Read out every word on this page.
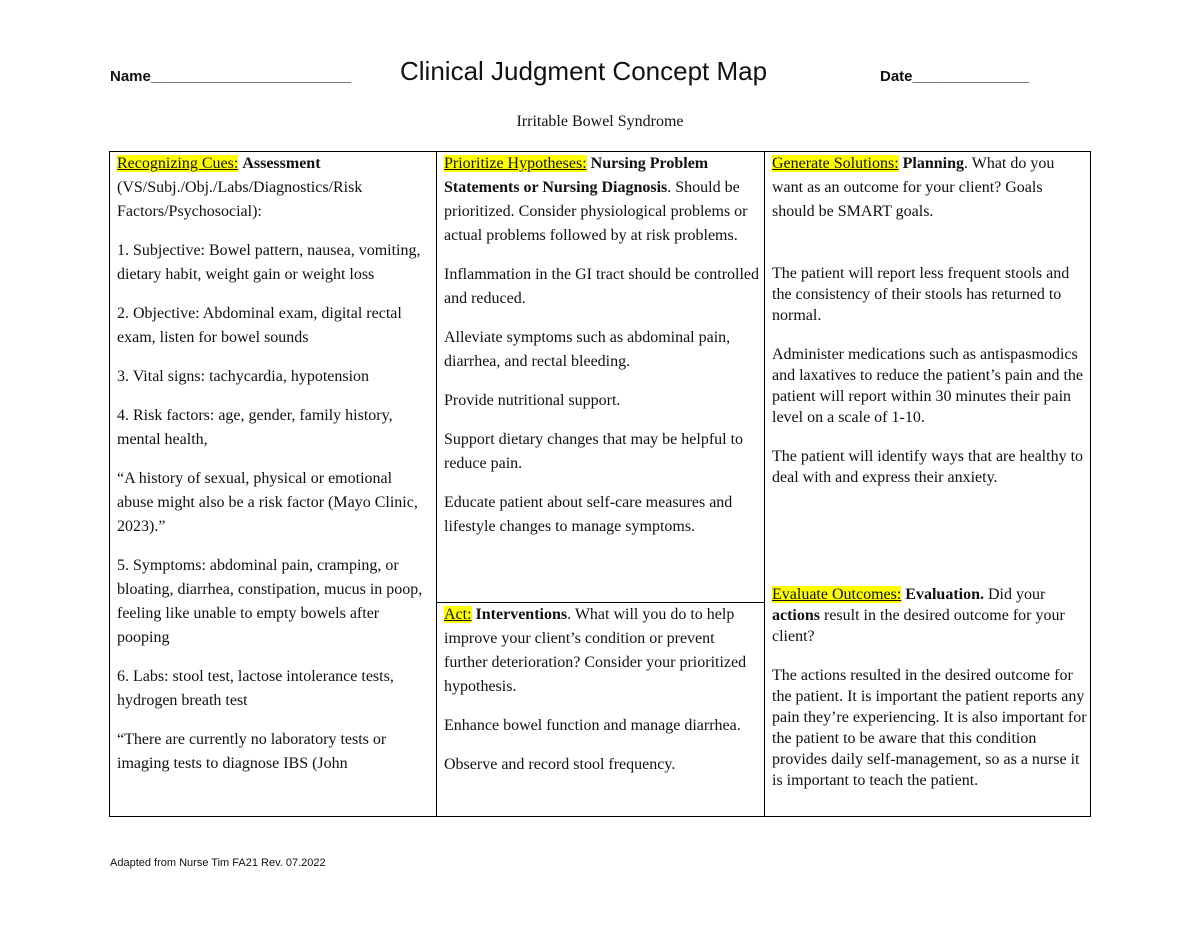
Name________________________ Clinical Judgment Concept Map	Date______________
Irritable Bowel Syndrome

Recognizing Cues: Assessment (VS/Subj./Obj./Labs/Diagnostics/Risk Factors/Psychosocial):

1. Subjective: Bowel pattern, nausea, vomiting, dietary habit, weight gain or weight loss

2. Objective: Abdominal exam, digital rectal exam, listen for bowel sounds

3. Vital signs: tachycardia, hypotension

4. Risk factors: age, gender, family history, mental health,

“A history of sexual, physical or emotional abuse might also be a risk factor (Mayo Clinic, 2023).”

5. Symptoms: abdominal pain, cramping, or bloating, diarrhea, constipation, mucus in poop, feeling like unable to empty bowels after pooping

6. Labs: stool test, lactose intolerance tests, hydrogen breath test

“There are currently no laboratory tests or imaging tests to diagnose IBS (John

Prioritize Hypotheses: Nursing Problem Statements or Nursing Diagnosis. Should be prioritized. Consider physiological problems or actual problems followed by at risk problems.

Inflammation in the GI tract should be controlled and reduced.

Alleviate symptoms such as abdominal pain, diarrhea, and rectal bleeding.

Provide nutritional support.

Support dietary changes that may be helpful to reduce pain.

Educate patient about self-care measures and lifestyle changes to manage symptoms.

Act: Interventions. What will you do to help improve your client’s condition or prevent further deterioration? Consider your prioritized hypothesis.

Enhance bowel function and manage diarrhea.

Observe and record stool frequency.

Generate Solutions: Planning. What do you want as an outcome for your client? Goals should be SMART goals.

The patient will report less frequent stools and the consistency of their stools has returned to normal.

Administer medications such as antispasmodics and laxatives to reduce the patient’s pain and the patient will report within 30 minutes their pain level on a scale of 1-10.

The patient will identify ways that are healthy to deal with and express their anxiety.

Evaluate Outcomes: Evaluation. Did your actions result in the desired outcome for your client?

The actions resulted in the desired outcome for the patient. It is important the patient reports any pain they’re experiencing. It is also important for the patient to be aware that this condition provides daily self-management, so as a nurse it is important to teach the patient.

Adapted from Nurse Tim FA21 Rev. 07.2022
